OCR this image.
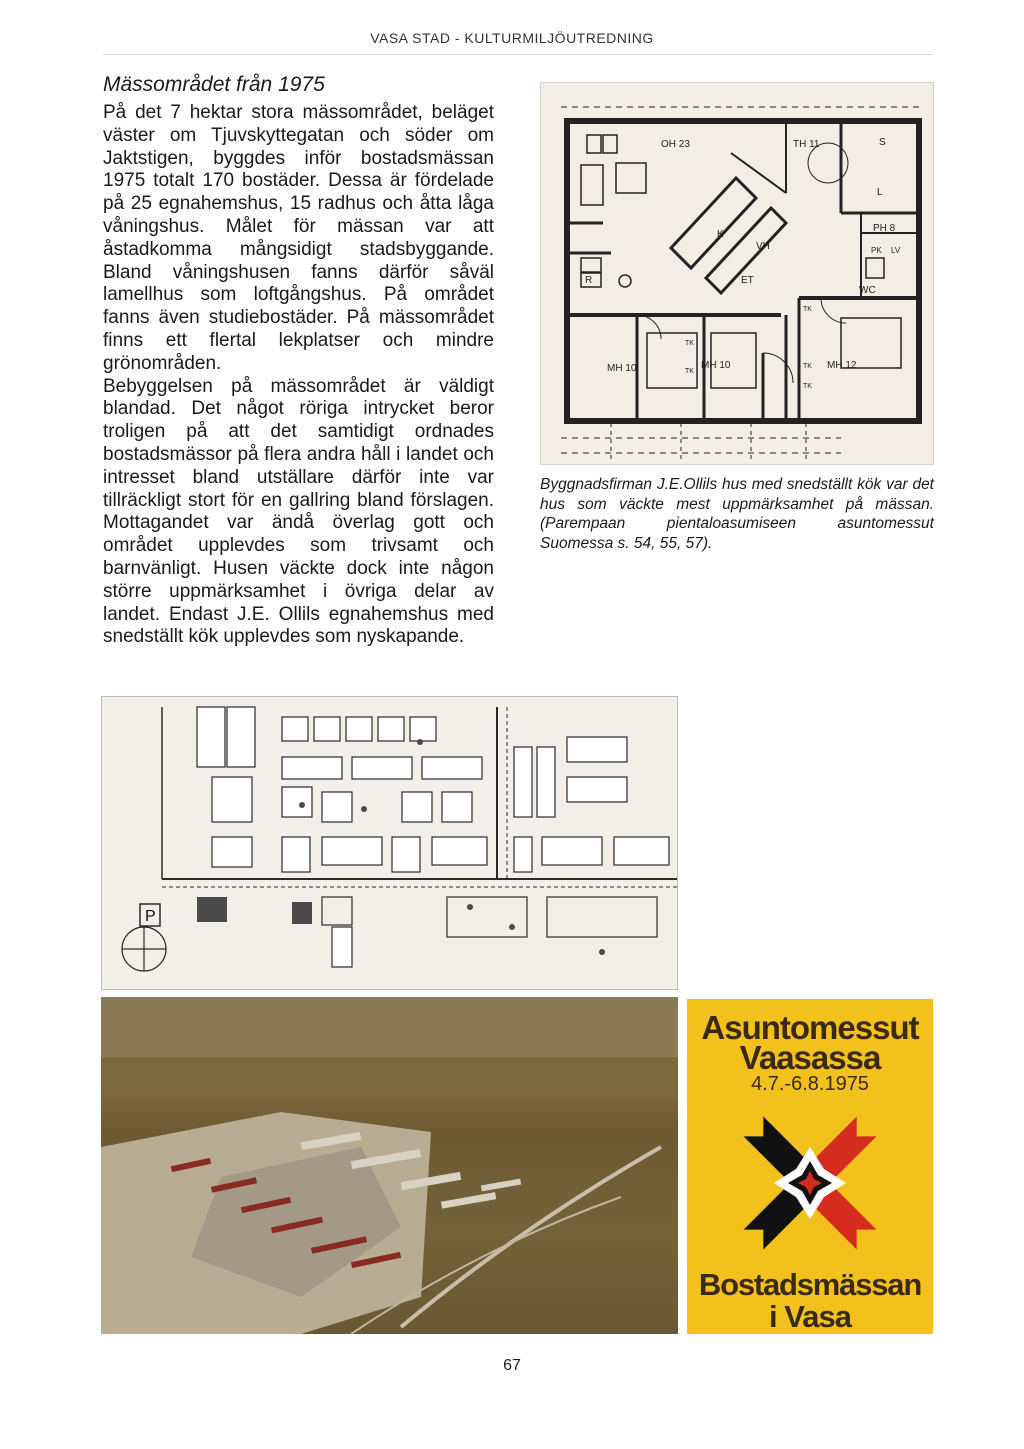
VASA STAD - KULTURMILJÖUTREDNING
Mässområdet från 1975

På det 7 hektar stora mässområdet, beläget väster om Tjuvskyttegatan och söder om Jaktstigen, byggdes inför bostadsmässan 1975 totalt 170 bostäder. Dessa är fördelade på 25 egnahemshus, 15 radhus och åtta låga våningshus. Målet för mässan var att åstadkomma mångsidigt stadsbyggande. Bland våningshusen fanns därför såväl lamellhus som loftgångshus. På området fanns även studiebostäder. På mässområdet finns ett flertal lekplatser och mindre grönområden.

Bebyggelsen på mässområdet är väldigt blandad. Det något röriga intrycket beror troligen på att det samtidigt ordnades bostadsmässor på flera andra håll i landet och intresset bland utställare därför inte var tillräckligt stort för en gallring bland förslagen. Mottagandet var ändå överlag gott och området upplevdes som trivsamt och barnvänligt. Husen väckte dock inte någon större uppmärksamhet i övriga delar av landet. Endast J.E. Ollils egnahemshus med snedställt kök upplevdes som nyskapande.

OH 23	TH 11	S
K
VH
PH 8
PK LV
R	ET
WC
L
MH 10	MH 10	MH 12
TK
TK
TK
TK
TK
Byggnadsfirman J.E.Ollils hus med snedställt kök var det hus som väckte mest uppmärksamhet på mässan. (Parempaan pientaloasumiseen asuntomessut Suomessa s. 54, 55, 57).
P
Asuntomessut
Vaasassa
4.7.-6.8.1975
Bostadsmässan
i Vasa
67
